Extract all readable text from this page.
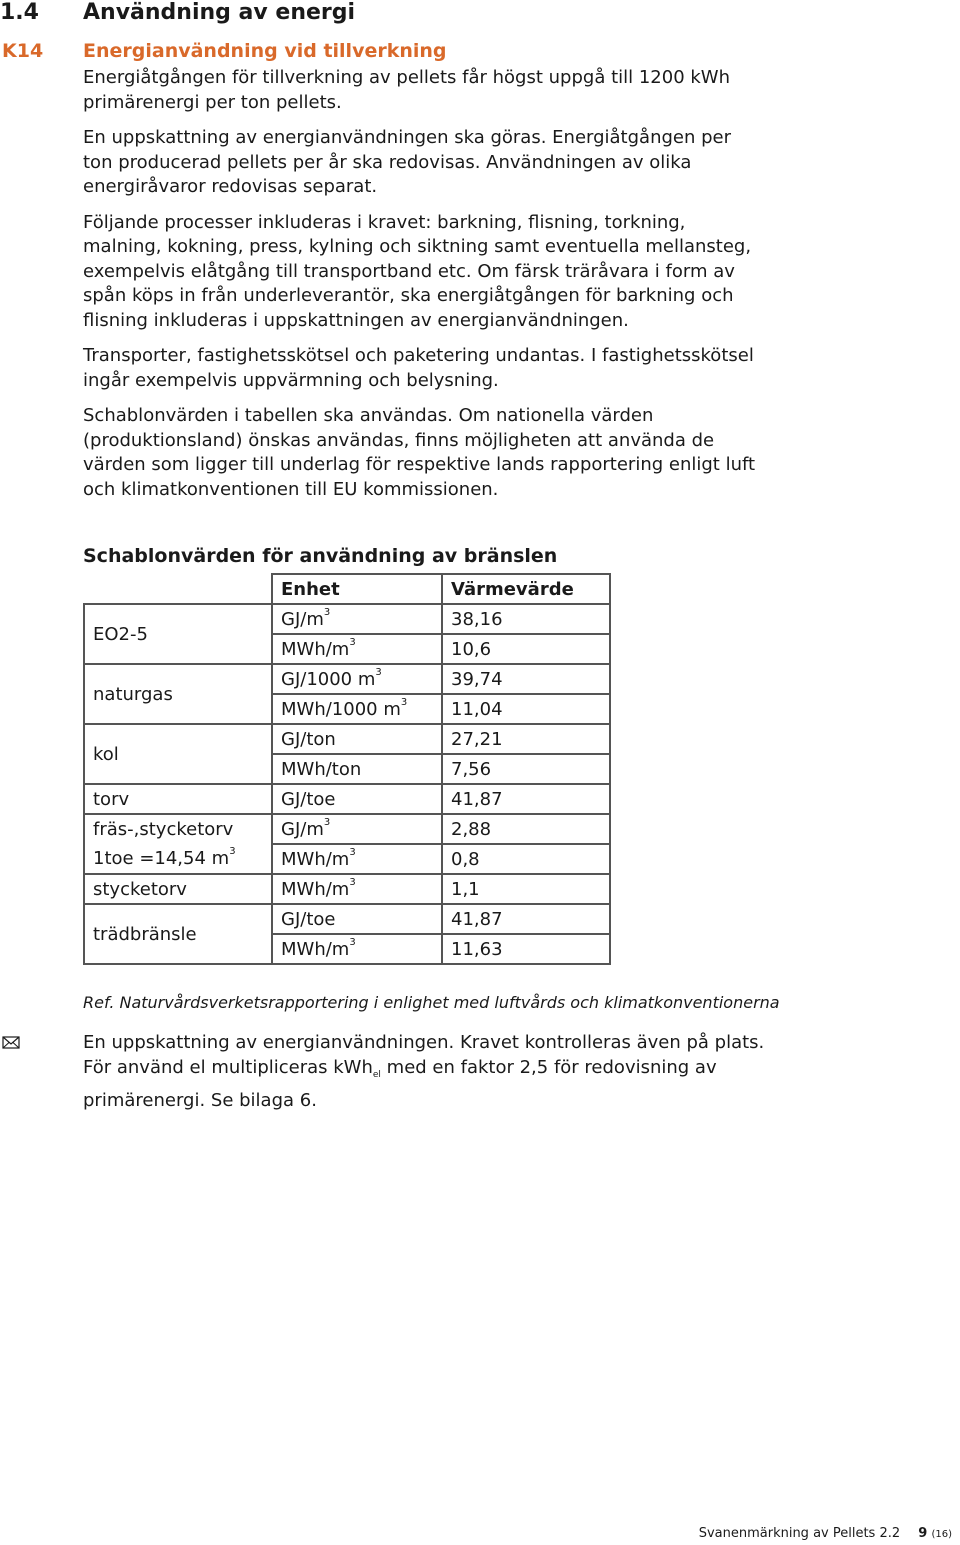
1.4 Användning av energi
K14 Energianvändning vid tillverkning

Energiåtgången för tillverkning av pellets får högst uppgå till 1200 kWh primärenergi per ton pellets.

En uppskattning av energianvändningen ska göras. Energiåtgången per ton producerad pellets per år ska redovisas. Användningen av olika energiråvaror redovisas separat.

Följande processer inkluderas i kravet: barkning, flisning, torkning, malning, kokning, press, kylning och siktning samt eventuella mellansteg, exempelvis elåtgång till transportband etc. Om färsk träråvara i form av spån köps in från underleverantör, ska energiåtgången för barkning och flisning inkluderas i uppskattningen av energianvändningen.

Transporter, fastighetsskötsel och paketering undantas. I fastighetsskötsel ingår exempelvis uppvärmning och belysning.

Schablonvärden i tabellen ska användas. Om nationella värden (produktionsland) önskas användas, finns möjligheten att använda de värden som ligger till underlag för respektive lands rapportering enligt luft och klimatkonventionen till EU kommissionen.

Schablonvärden för användning av bränslen
	Enhet	Värmevärde
EO2-5	$GJ/m^3$	38,16
	MWh/$m^3$	10,6
naturgas	GJ/1000 $m^3$	39,74
	MWh/1000 $m^3$	11,04
kol	GJ/ton	27,21
	MWh/ton	7,56
torv	GJ/toe	41,87
fräs-,stycketorv	$GJ/m^3$	2,88
1toe =14,54 $m^3$	MWh/$m^3$	0,8
stycketorv	MWh/$m^3$	1,1
trädbränsle	GJ/toe	41,87
	MWh/$m^3$	11,63
Ref. Naturvårdsverketsrapportering i enlighet med luftvårds och klimatkonventionerna
En uppskattning av energianvändningen. Kravet kontrolleras även på plats. För använd el multipliceras kWh$_{el}$ med en faktor 2,5 för redovisning av primärenergi. Se bilaga 6.
Svanenmärkning av Pellets 2.2 9 (16)
